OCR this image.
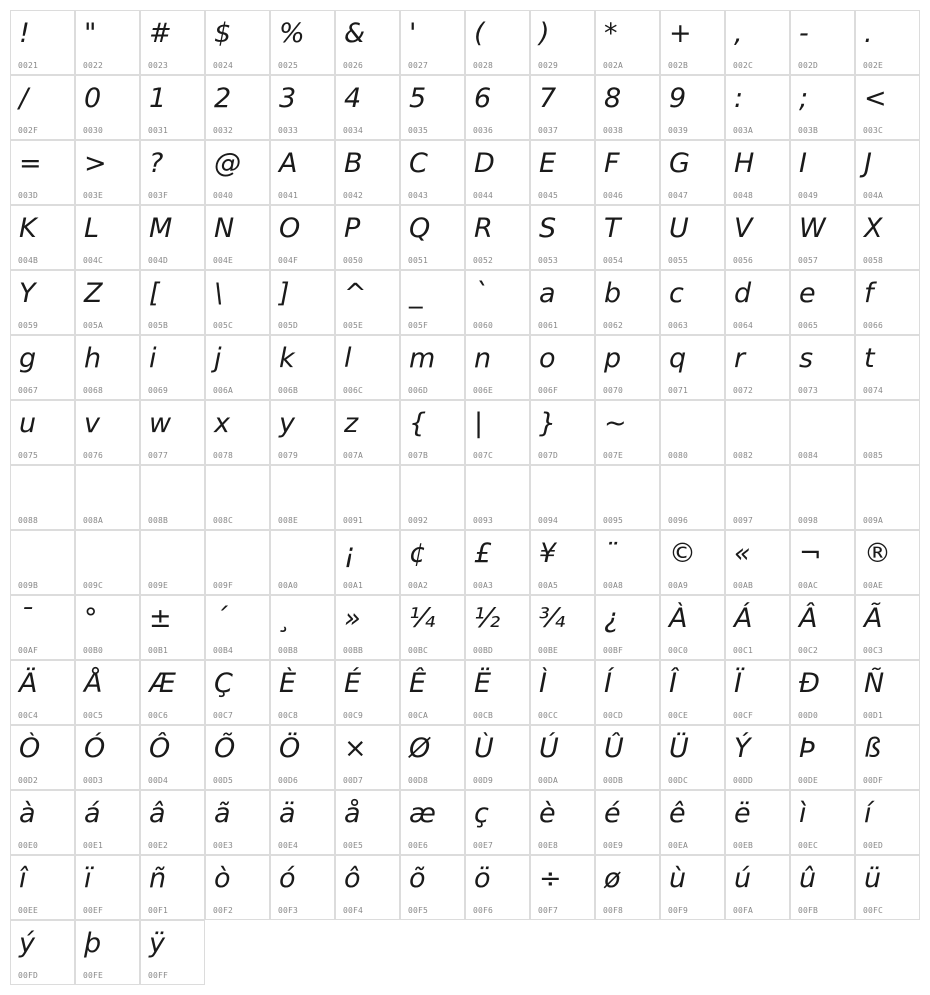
!
0021
"
0022
#
0023
$
0024
%
0025
&
0026
'
0027
(
0028
)
0029
*
002A
+
002B
,
002C
-
002D
.
002E
/
002F
0
0030
1
0031
2
0032
3
0033
4
0034
5
0035
6
0036
7
0037
8
0038
9
0039
:
003A
;
003B
<
003C
=
003D
>
003E
?
003F
@
0040
A
0041
B
0042
C
0043
D
0044
E
0045
F
0046
G
0047
H
0048
I
0049
J
004A
K
004B
L
004C
M
004D
N
004E
O
004F
P
0050
Q
0051
R
0052
S
0053
T
0054
U
0055
V
0056
W
0057
X
0058
Y
0059
Z
005A
[
005B
\
005C
]
005D
^
005E
_
005F
`
0060
a
0061
b
0062
c
0063
d
0064
e
0065
f
0066
g
0067
h
0068
i
0069
j
006A
k
006B
l
006C
m
006D
n
006E
o
006F
p
0070
q
0071
r
0072
s
0073
t
0074
u
0075
v
0076
w
0077
x
0078
y
0079
z
007A
{
007B
|
007C
}
007D
~
007E	0080	0082	0084	0085
0088	008A	008B	008C	008E	0091	0092	0093	0094	0095	0096	0097	0098	009A
009B	009C	009E	009F	00A0
¡
00A1
¢
00A2
£
00A3
¥
00A5
¨
00A8
©
00A9
«
00AB
¬
00AC
®
00AE
¯
00AF
°
00B0
±
00B1
´
00B4
¸
00B8
»
00BB
¼
00BC
½
00BD
¾
00BE
¿
00BF
À
00C0
Á
00C1
Â
00C2
Ã
00C3
Ä
00C4
Å
00C5
Æ
00C6
Ç
00C7
È
00C8
É
00C9
Ê
00CA
Ë
00CB
Ì
00CC
Í
00CD
Î
00CE
Ï
00CF
Ð
00D0
Ñ
00D1
Ò
00D2
Ó
00D3
Ô
00D4
Õ
00D5
Ö
00D6
×
00D7
Ø
00D8
Ù
00D9
Ú
00DA
Û
00DB
Ü
00DC
Ý
00DD
Þ
00DE
ß
00DF
à
00E0
á
00E1
â
00E2
ã
00E3
ä
00E4
å
00E5
æ
00E6
ç
00E7
è
00E8
é
00E9
ê
00EA
ë
00EB
ì
00EC
í
00ED
î
00EE
ï
00EF
ñ
00F1
ò
00F2
ó
00F3
ô
00F4
õ
00F5
ö
00F6
÷
00F7
ø
00F8
ù
00F9
ú
00FA
û
00FB
ü
00FC
ý
00FD
þ
00FE
ÿ
00FF
